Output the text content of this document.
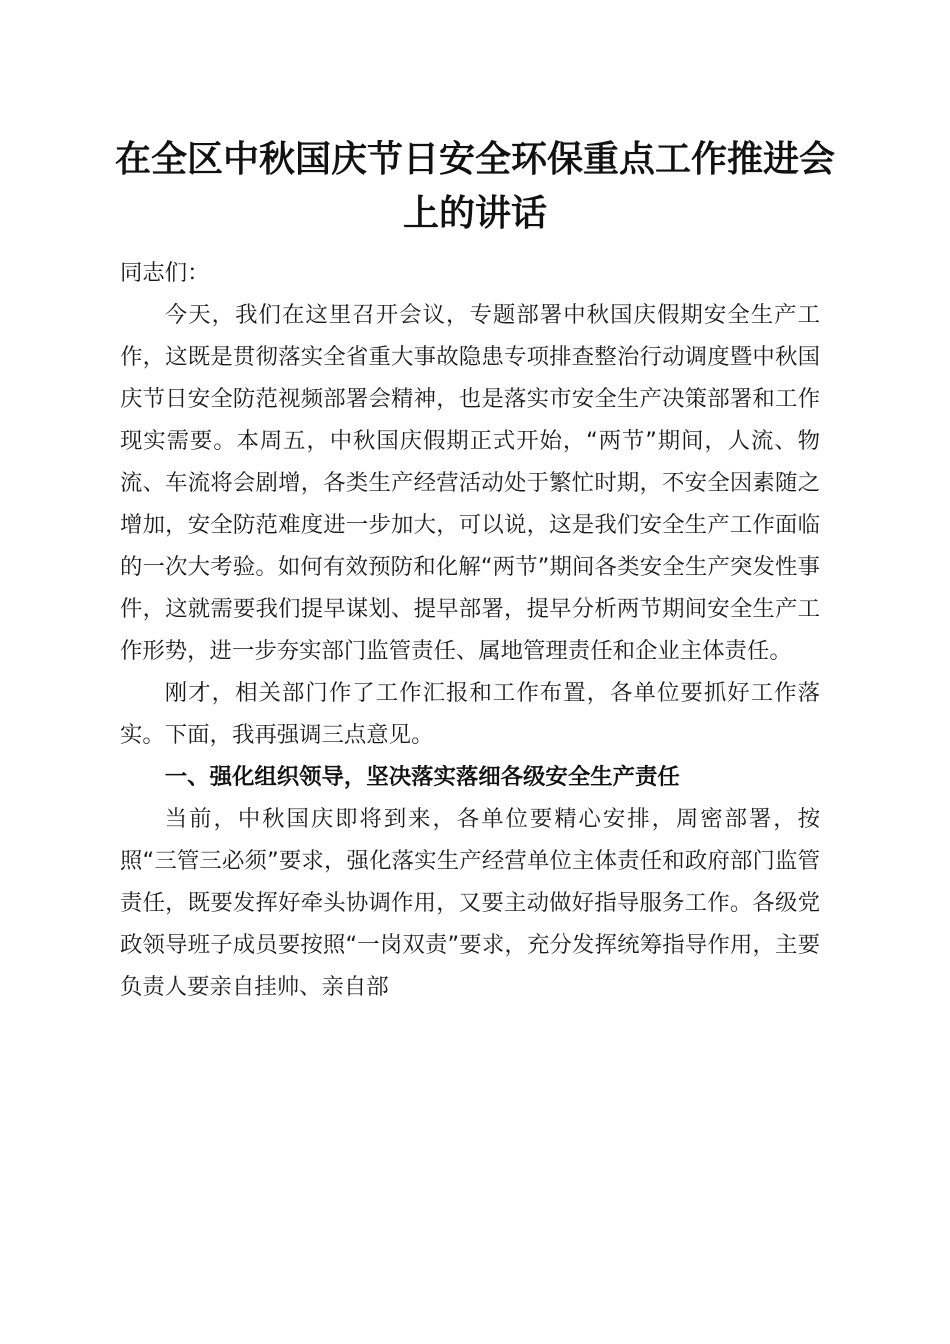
在全区中秋国庆节日安全环保重点工作推进会上的讲话

同志们：

今天，我们在这里召开会议，专题部署中秋国庆假期安全生产工作，这既是贯彻落实全省重大事故隐患专项排查整治行动调度暨中秋国庆节日安全防范视频部署会精神，也是落实市安全生产决策部署和工作现实需要。本周五，中秋国庆假期正式开始，“两节”期间，人流、物流、车流将会剧增，各类生产经营活动处于繁忙时期，不安全因素随之增加，安全防范难度进一步加大，可以说，这是我们安全生产工作面临的一次大考验。如何有效预防和化解“两节”期间各类安全生产突发性事件，这就需要我们提早谋划、提早部署，提早分析两节期间安全生产工作形势，进一步夯实部门监管责任、属地管理责任和企业主体责任。

刚才，相关部门作了工作汇报和工作布置，各单位要抓好工作落实。下面，我再强调三点意见。

一、强化组织领导，坚决落实落细各级安全生产责任

当前，中秋国庆即将到来，各单位要精心安排，周密部署，按照“三管三必须”要求，强化落实生产经营单位主体责任和政府部门监管责任，既要发挥好牵头协调作用，又要主动做好指导服务工作。各级党政领导班子成员要按照“一岗双责”要求，充分发挥统筹指导作用，主要负责人要亲自挂帅、亲自部
